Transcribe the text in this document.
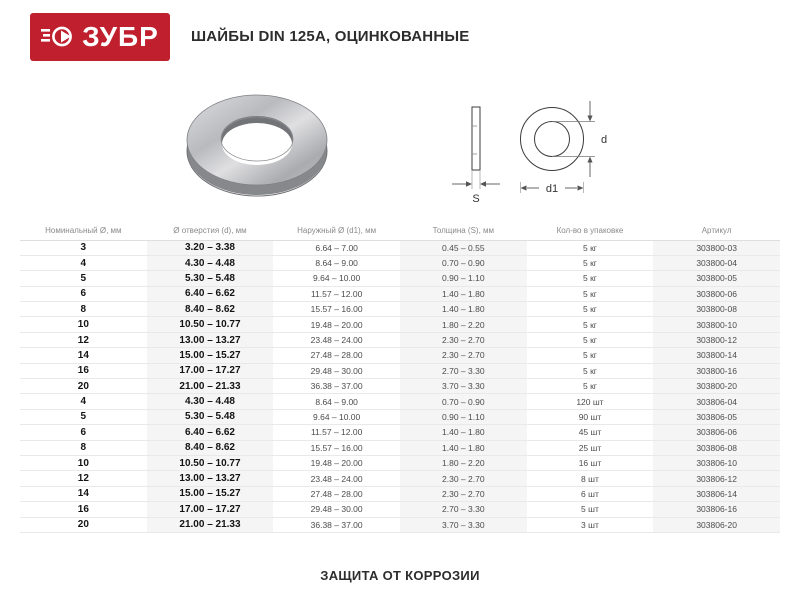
ЗУБР ШАЙБЫ DIN 125А, ОЦИНКОВАННЫЕ
S
d
d1
Номинальный Ø, мм	Ø отверстия (d), мм	Наружный Ø (d1), мм	Толщина (S), мм	Кол-во в упаковке	Артикул
3	3.20 – 3.38	6.64 – 7.00	0.45 – 0.55	5 кг	303800-03
4	4.30 – 4.48	8.64 – 9.00	0.70 – 0.90	5 кг	303800-04
5	5.30 – 5.48	9.64 – 10.00	0.90 – 1.10	5 кг	303800-05
6	6.40 – 6.62	11.57 – 12.00	1.40 – 1.80	5 кг	303800-06
8	8.40 – 8.62	15.57 – 16.00	1.40 – 1.80	5 кг	303800-08
10	10.50 – 10.77	19.48 – 20.00	1.80 – 2.20	5 кг	303800-10
12	13.00 – 13.27	23.48 – 24.00	2.30 – 2.70	5 кг	303800-12
14	15.00 – 15.27	27.48 – 28.00	2.30 – 2.70	5 кг	303800-14
16	17.00 – 17.27	29.48 – 30.00	2.70 – 3.30	5 кг	303800-16
20	21.00 – 21.33	36.38 – 37.00	3.70 – 3.30	5 кг	303800-20
4	4.30 – 4.48	8.64 – 9.00	0.70 – 0.90	120 шт	303806-04
5	5.30 – 5.48	9.64 – 10.00	0.90 – 1.10	90 шт	303806-05
6	6.40 – 6.62	11.57 – 12.00	1.40 – 1.80	45 шт	303806-06
8	8.40 – 8.62	15.57 – 16.00	1.40 – 1.80	25 шт	303806-08
10	10.50 – 10.77	19.48 – 20.00	1.80 – 2.20	16 шт	303806-10
12	13.00 – 13.27	23.48 – 24.00	2.30 – 2.70	8 шт	303806-12
14	15.00 – 15.27	27.48 – 28.00	2.30 – 2.70	6 шт	303806-14
16	17.00 – 17.27	29.48 – 30.00	2.70 – 3.30	5 шт	303806-16
20	21.00 – 21.33	36.38 – 37.00	3.70 – 3.30	3 шт	303806-20
ЗАЩИТА ОТ КОРРОЗИИ
